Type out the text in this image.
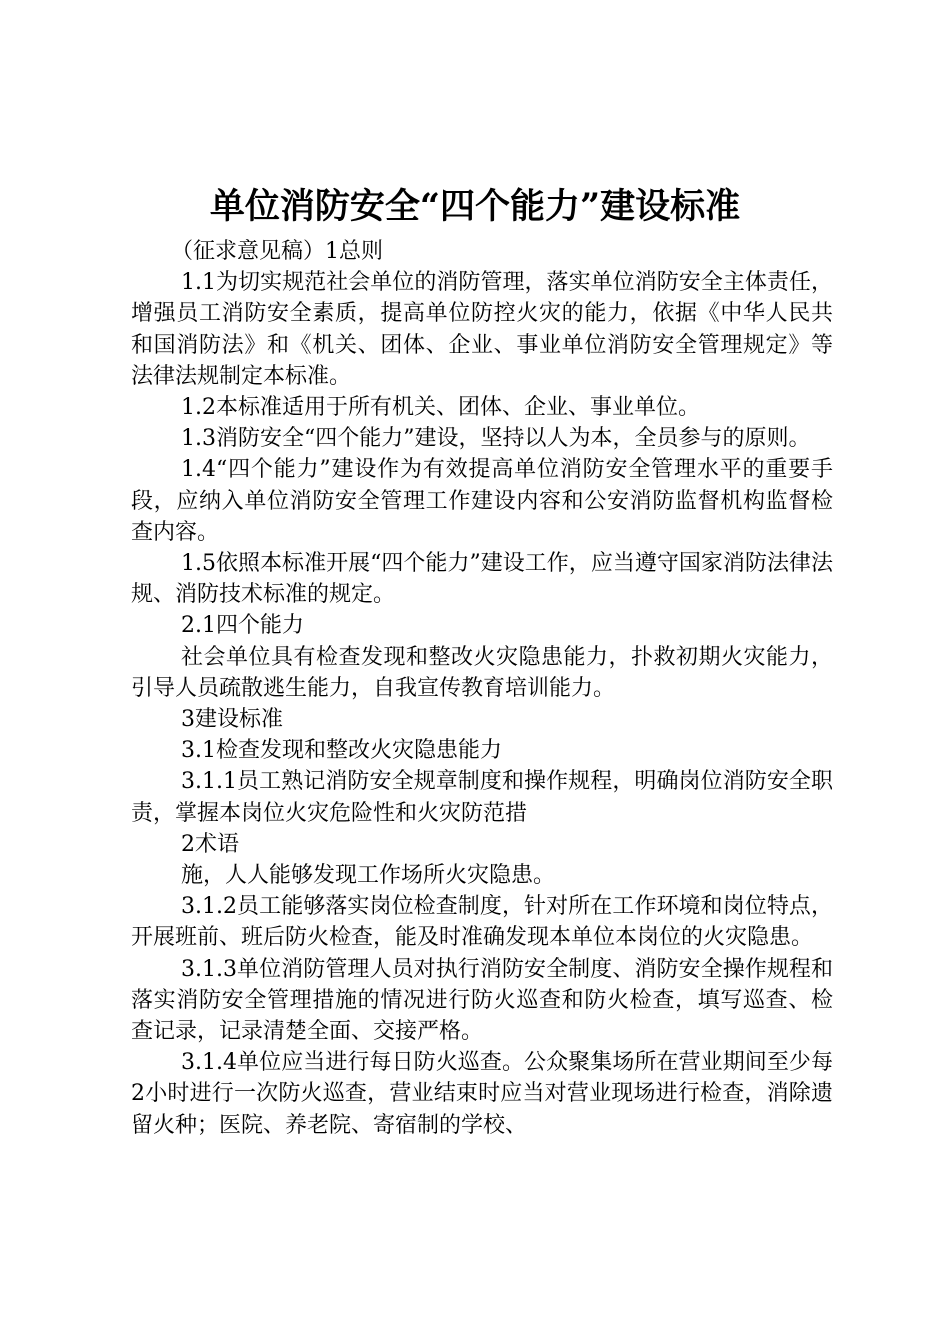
单位消防安全“四个能力”建设标准

（征求意见稿）1总则

1.1为切实规范社会单位的消防管理，落实单位消防安全主体责任，增强员工消防安全素质，提高单位防控火灾的能力，依据《中华人民共和国消防法》和《机关、团体、企业、事业单位消防安全管理规定》等法律法规制定本标准。

1.2本标准适用于所有机关、团体、企业、事业单位。

1.3消防安全“四个能力”建设，坚持以人为本，全员参与的原则。

1.4“四个能力”建设作为有效提高单位消防安全管理水平的重要手段，应纳入单位消防安全管理工作建设内容和公安消防监督机构监督检查内容。

1.5依照本标准开展“四个能力”建设工作，应当遵守国家消防法律法规、消防技术标准的规定。

2.1四个能力

社会单位具有检查发现和整改火灾隐患能力，扑救初期火灾能力，引导人员疏散逃生能力，自我宣传教育培训能力。

3建设标准

3.1检查发现和整改火灾隐患能力

3.1.1员工熟记消防安全规章制度和操作规程，明确岗位消防安全职责，掌握本岗位火灾危险性和火灾防范措

2术语

施，人人能够发现工作场所火灾隐患。

3.1.2员工能够落实岗位检查制度，针对所在工作环境和岗位特点，开展班前、班后防火检查，能及时准确发现本单位本岗位的火灾隐患。

3.1.3单位消防管理人员对执行消防安全制度、消防安全操作规程和落实消防安全管理措施的情况进行防火巡查和防火检查，填写巡查、检查记录，记录清楚全面、交接严格。

3.1.4单位应当进行每日防火巡查。公众聚集场所在营业期间至少每2小时进行一次防火巡查，营业结束时应当对营业现场进行检查，消除遗留火种；医院、养老院、寄宿制的学校、
